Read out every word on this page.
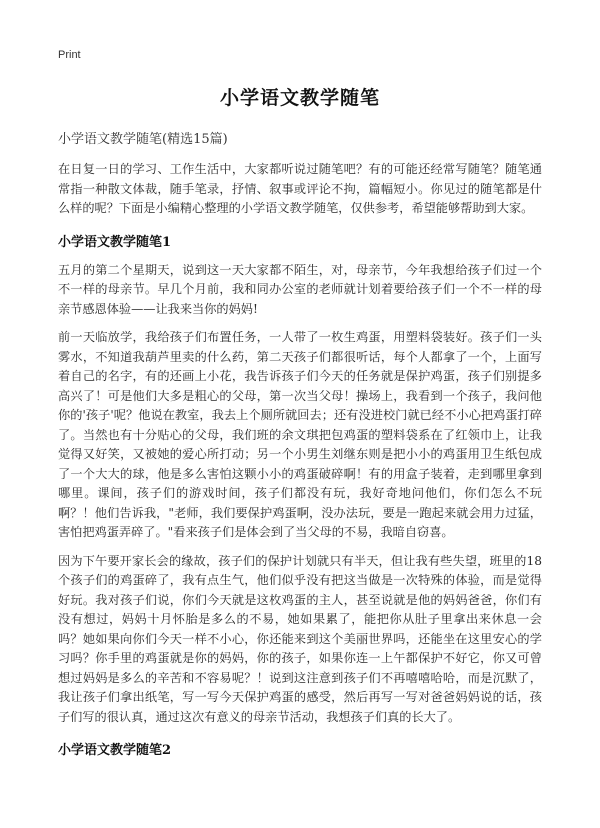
Print
小学语文教学随笔
小学语文教学随笔(精选15篇)

在日复一日的学习、工作生活中，大家都听说过随笔吧？有的可能还经常写随笔？随笔通常指一种散文体裁，随手笔录，抒情、叙事或评论不拘，篇幅短小。你见过的随笔都是什么样的呢？下面是小编精心整理的小学语文教学随笔，仅供参考，希望能够帮助到大家。

小学语文教学随笔1

五月的第二个星期天，说到这一天大家都不陌生，对，母亲节，今年我想给孩子们过一个不一样的母亲节。早几个月前，我和同办公室的老师就计划着要给孩子们一个不一样的母亲节感恩体验——让我来当你的妈妈!

前一天临放学，我给孩子们布置任务，一人带了一枚生鸡蛋，用塑料袋装好。孩子们一头雾水，不知道我葫芦里卖的什么药，第二天孩子们都很听话，每个人都拿了一个，上面写着自己的名字，有的还画上小花，我告诉孩子们今天的任务就是保护鸡蛋，孩子们别提多高兴了！可是他们大多是粗心的父母，第一次当父母！操场上，我看到一个孩子，我问他你的'孩子'呢？他说在教室，我去上个厕所就回去；还有没进校门就已经不小心把鸡蛋打碎了。当然也有十分贴心的父母，我们班的余文琪把包鸡蛋的塑料袋系在了红领巾上，让我觉得又好笑，又被她的爱心所打动；另一个小男生刘继东则是把小小的鸡蛋用卫生纸包成了一个大大的球，他是多么害怕这颗小小的鸡蛋破碎啊！有的用盒子装着，走到哪里拿到哪里。课间，孩子们的游戏时间，孩子们都没有玩，我好奇地问他们，你们怎么不玩啊？！他们告诉我，"老师，我们要保护鸡蛋啊，没办法玩，要是一跑起来就会用力过猛，害怕把鸡蛋弄碎了。"看来孩子们是体会到了当父母的不易，我暗自窃喜。

因为下午要开家长会的缘故，孩子们的保护计划就只有半天，但让我有些失望，班里的18个孩子们的鸡蛋碎了，我有点生气，他们似乎没有把这当做是一次特殊的体验，而是觉得好玩。我对孩子们说，你们今天就是这枚鸡蛋的主人，甚至说就是他的妈妈爸爸，你们有没有想过，妈妈十月怀胎是多么的不易，她如果累了，能把你从肚子里拿出来休息一会吗？她如果向你们今天一样不小心，你还能来到这个美丽世界吗，还能坐在这里安心的学习吗？你手里的鸡蛋就是你的妈妈，你的孩子，如果你连一上午都保护不好它，你又可曾想过妈妈是多么的辛苦和不容易呢？！说到这注意到孩子们不再嘻嘻哈哈，而是沉默了，我让孩子们拿出纸笔，写一写今天保护鸡蛋的感受，然后再写一写对爸爸妈妈说的话，孩子们写的很认真，通过这次有意义的母亲节活动，我想孩子们真的长大了。

小学语文教学随笔2
